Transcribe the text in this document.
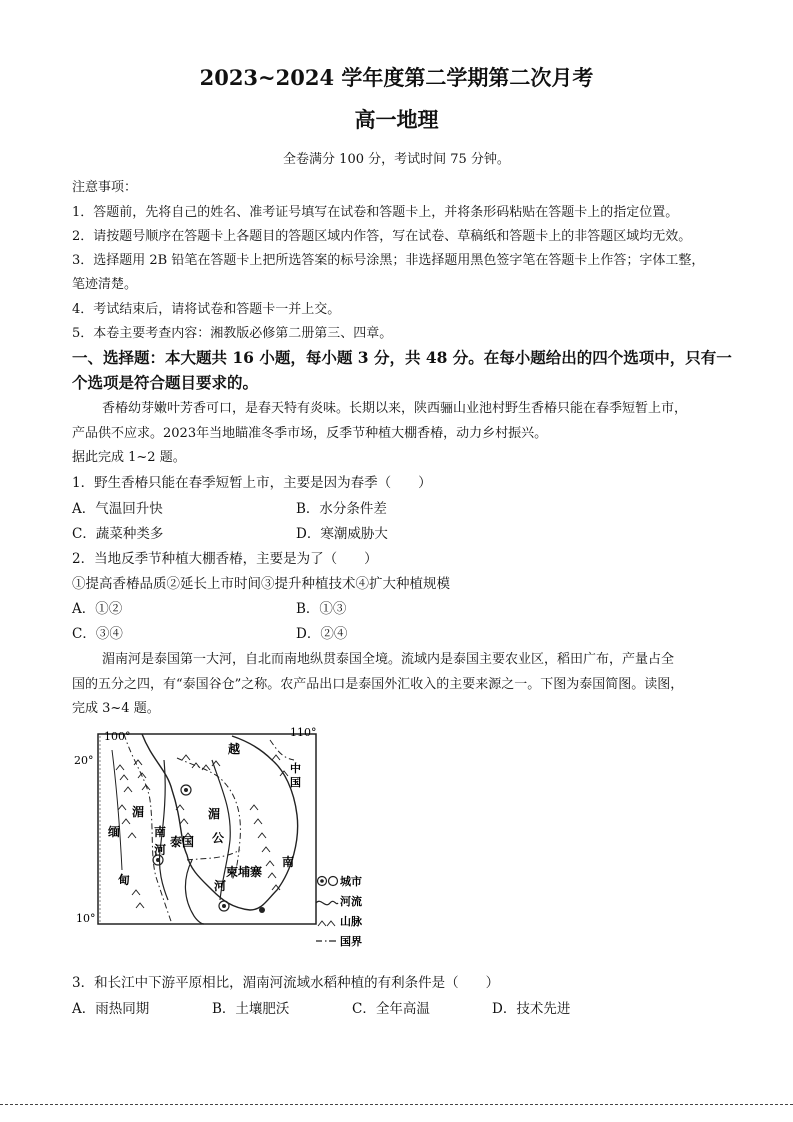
2023~2024 学年度第二学期第二次月考
高一地理
全卷满分 100 分，考试时间 75 分钟。
注意事项：
1．答题前，先将自己的姓名、准考证号填写在试卷和答题卡上，并将条形码粘贴在答题卡上的指定位置。
2．请按题号顺序在答题卡上各题目的答题区域内作答，写在试卷、草稿纸和答题卡上的非答题区域均无效。
3．选择题用 2B 铅笔在答题卡上把所选答案的标号涂黑；非选择题用黑色签字笔在答题卡上作答；字体工整，
笔迹清楚。
4．考试结束后，请将试卷和答题卡一并上交。
5．本卷主要考查内容：湘教版必修第二册第三、四章。
一、选择题：本大题共 16 小题，每小题 3 分，共 48 分。在每小题给出的四个选项中，只有一
个选项是符合题目要求的。
香椿幼芽嫩叶芳香可口，是春天特有炎味。长期以来，陕西骊山业池村野生香椿只能在春季短暂上市，
产品供不应求。2023年当地瞄准冬季市场，反季节种植大棚香椿，动力乡村振兴。
据此完成 1~2 题。
1．野生香椿只能在春季短暂上市，主要是因为春季（　　）
A．气温回升快	B．水分条件差
C．蔬菜种类多	D．寒潮威胁大
2．当地反季节种植大棚香椿，主要是为了（　　）
①提高香椿品质②延长上市时间③提升种植技术④扩大种植规模
A．①②	B．①③
C．③④	D．②④
湄南河是泰国第一大河，自北而南地纵贯泰国全境。流域内是泰国主要农业区，稻田广布，产量占全
国的五分之四，有“泰国谷仓”之称。农产品出口是泰国外汇收入的主要来源之一。下图为泰国简图。读图，
完成 3~4 题。
100°	110°
20°
10°
越
中
国
湄
公
南
缅
甸
湄
南
河
泰国
柬埔寨
河	城市
河流
山脉
国界
3．和长江中下游平原相比，湄南河流域水稻种植的有利条件是（　　）
A．雨热同期	B．土壤肥沃	C．全年高温	D．技术先进
